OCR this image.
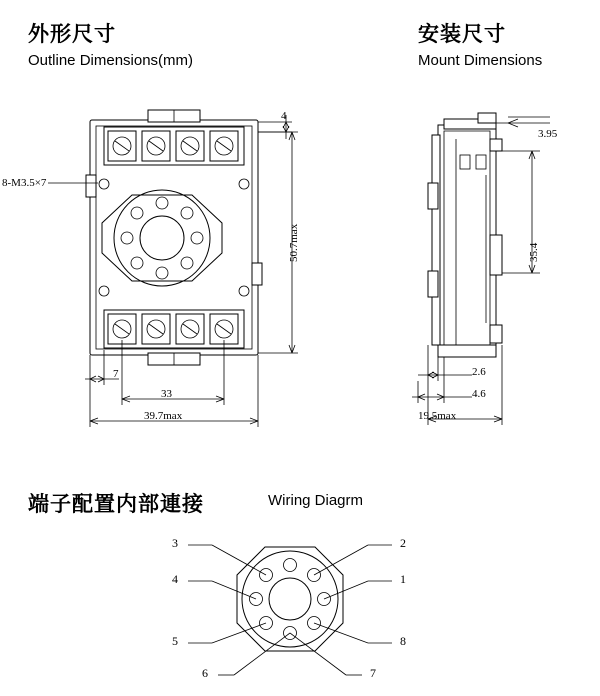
外形尺寸
Outline Dimensions(mm)
安装尺寸
Mount Dimensions
端子配置内部連接	Wiring Diagrm
8-M3.5×7
4
50.7max
7
33
39.7max
3.95
35.4
2.6
4.6
19.5max
3
4
5
6
2
1
8
7
